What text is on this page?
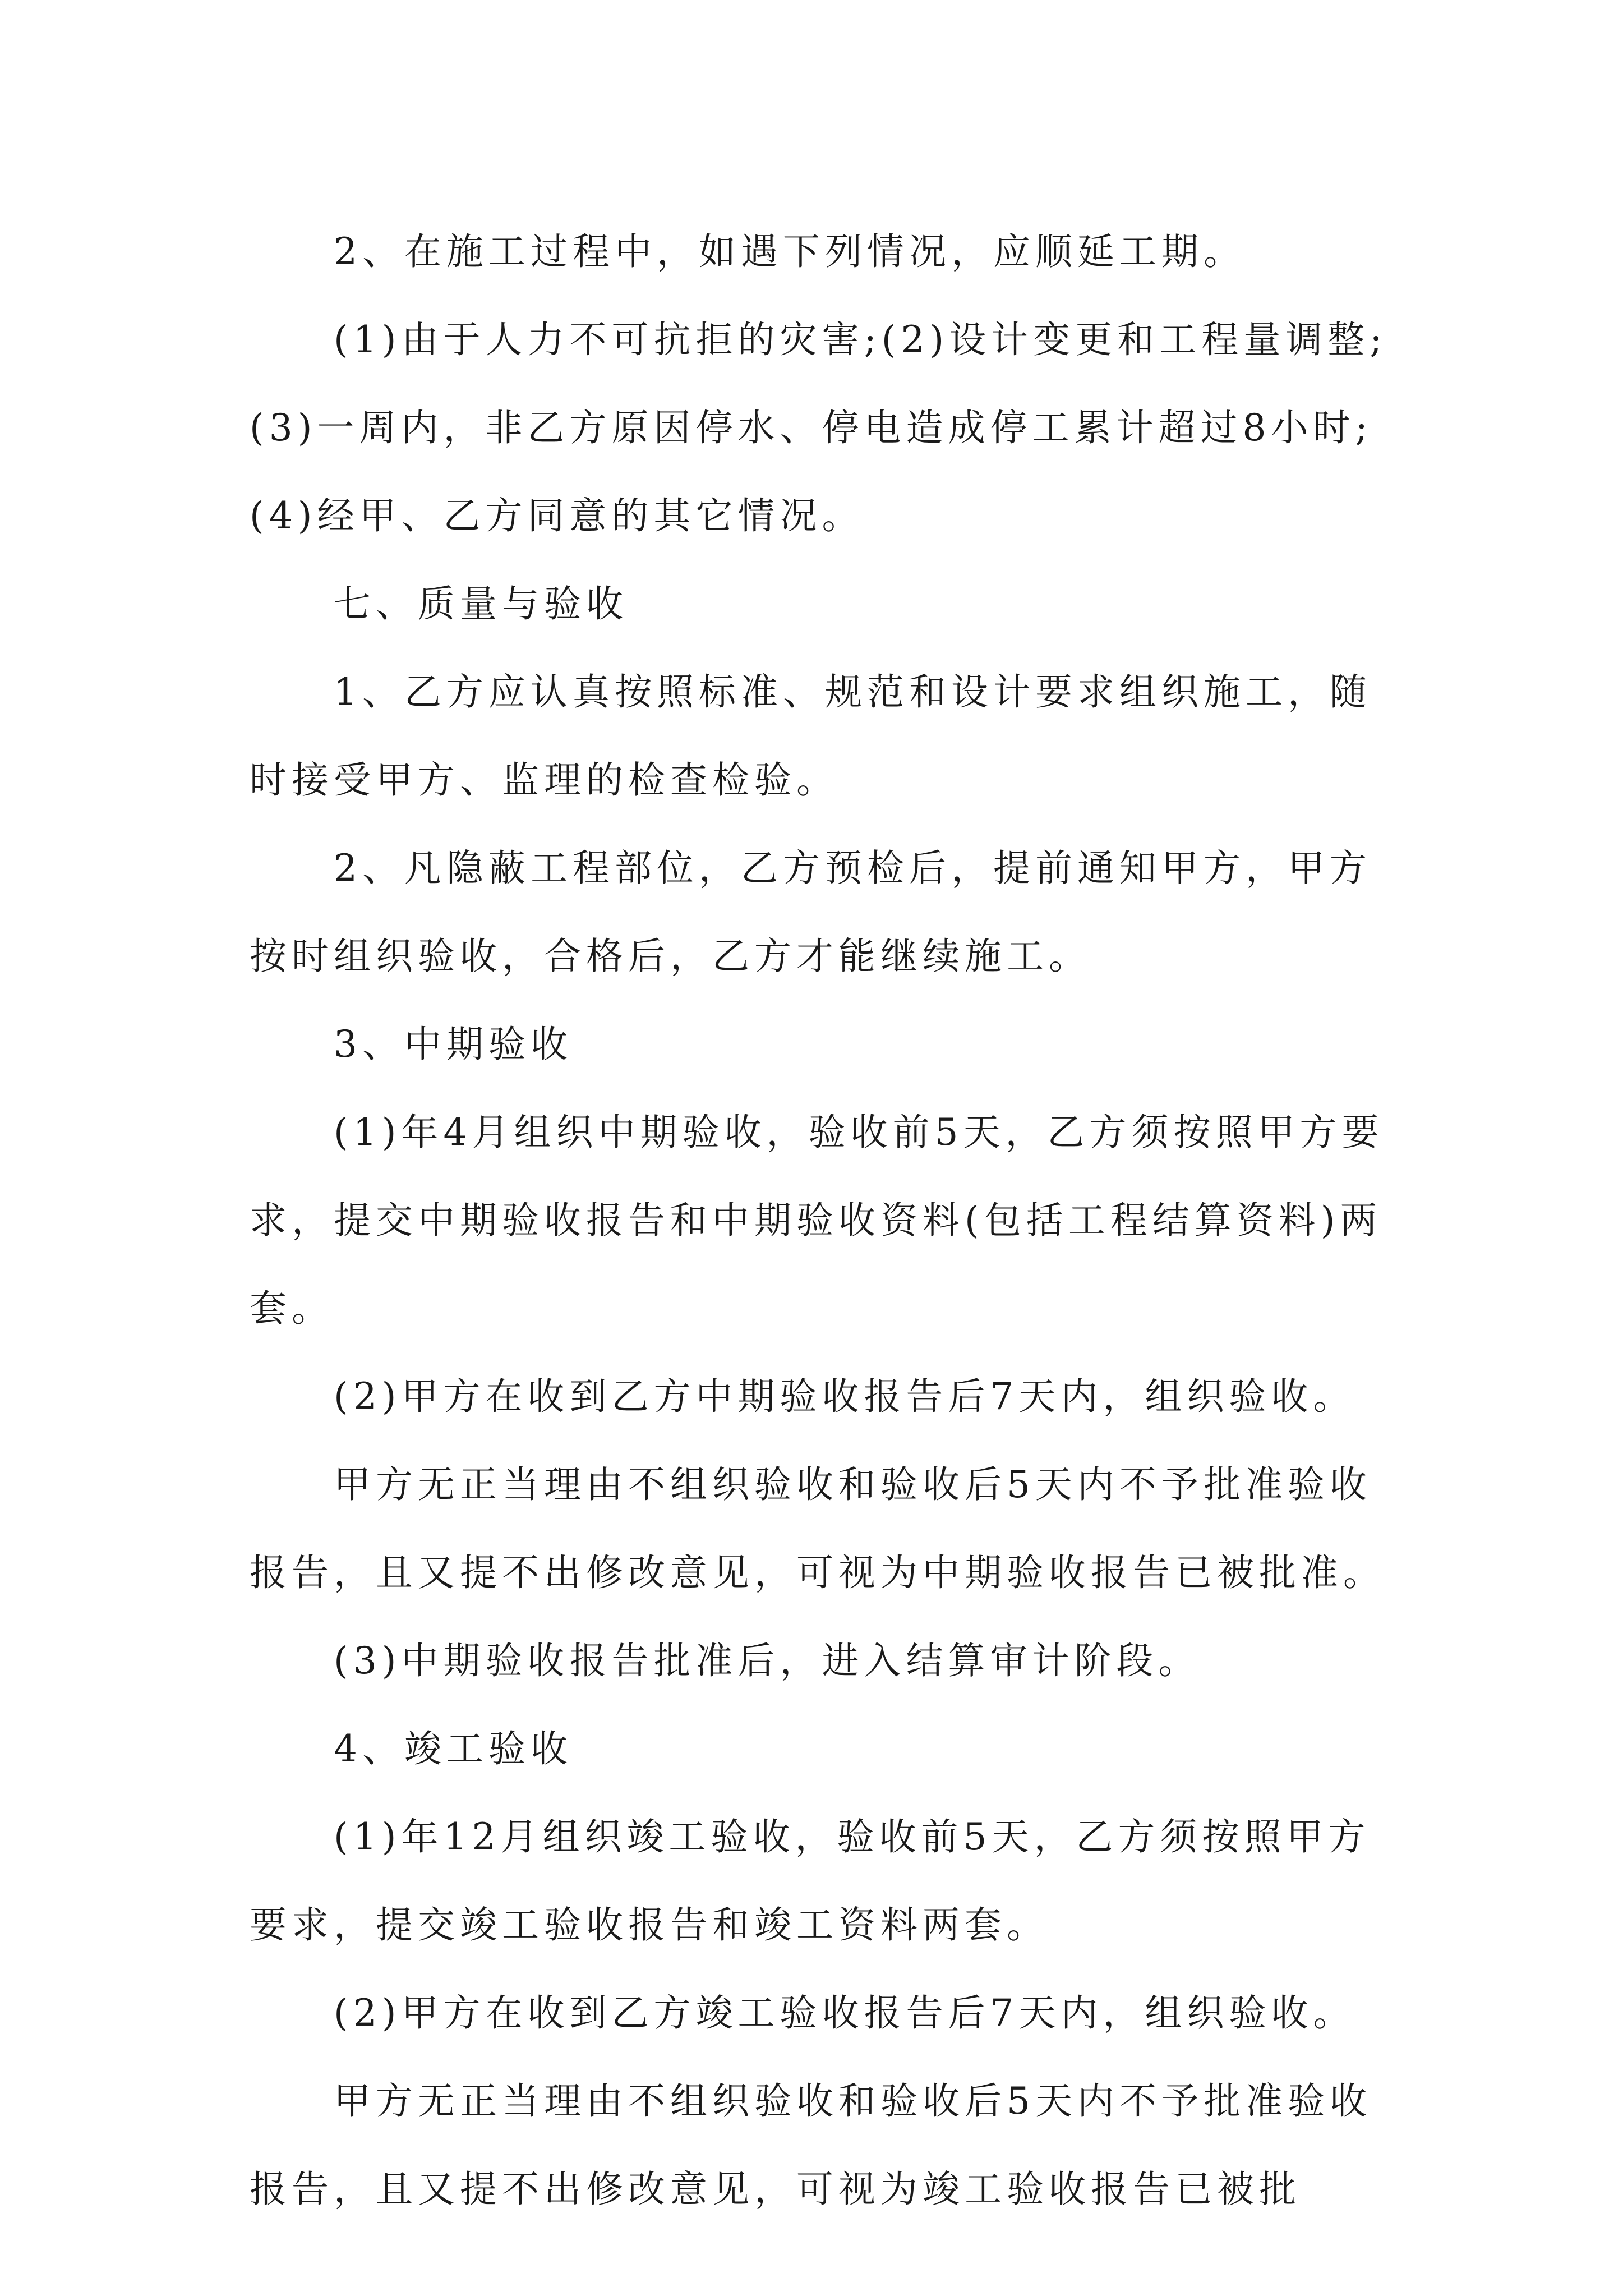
2、在施工过程中，如遇下列情况，应顺延工期。

(1)由于人力不可抗拒的灾害;(2)设计变更和工程量调整;(3)一周内，非乙方原因停水、停电造成停工累计超过8小时;(4)经甲、乙方同意的其它情况。

七、质量与验收

1、乙方应认真按照标准、规范和设计要求组织施工，随时接受甲方、监理的检查检验。

2、凡隐蔽工程部位，乙方预检后，提前通知甲方，甲方按时组织验收，合格后，乙方才能继续施工。

3、中期验收

(1)年4月组织中期验收，验收前5天，乙方须按照甲方要求，提交中期验收报告和中期验收资料(包括工程结算资料)两套。

(2)甲方在收到乙方中期验收报告后7天内，组织验收。

甲方无正当理由不组织验收和验收后5天内不予批准验收报告，且又提不出修改意见，可视为中期验收报告已被批准。

(3)中期验收报告批准后，进入结算审计阶段。

4、竣工验收

(1)年12月组织竣工验收，验收前5天，乙方须按照甲方要求，提交竣工验收报告和竣工资料两套。

(2)甲方在收到乙方竣工验收报告后7天内，组织验收。

甲方无正当理由不组织验收和验收后5天内不予批准验收报告，且又提不出修改意见，可视为竣工验收报告已被批
